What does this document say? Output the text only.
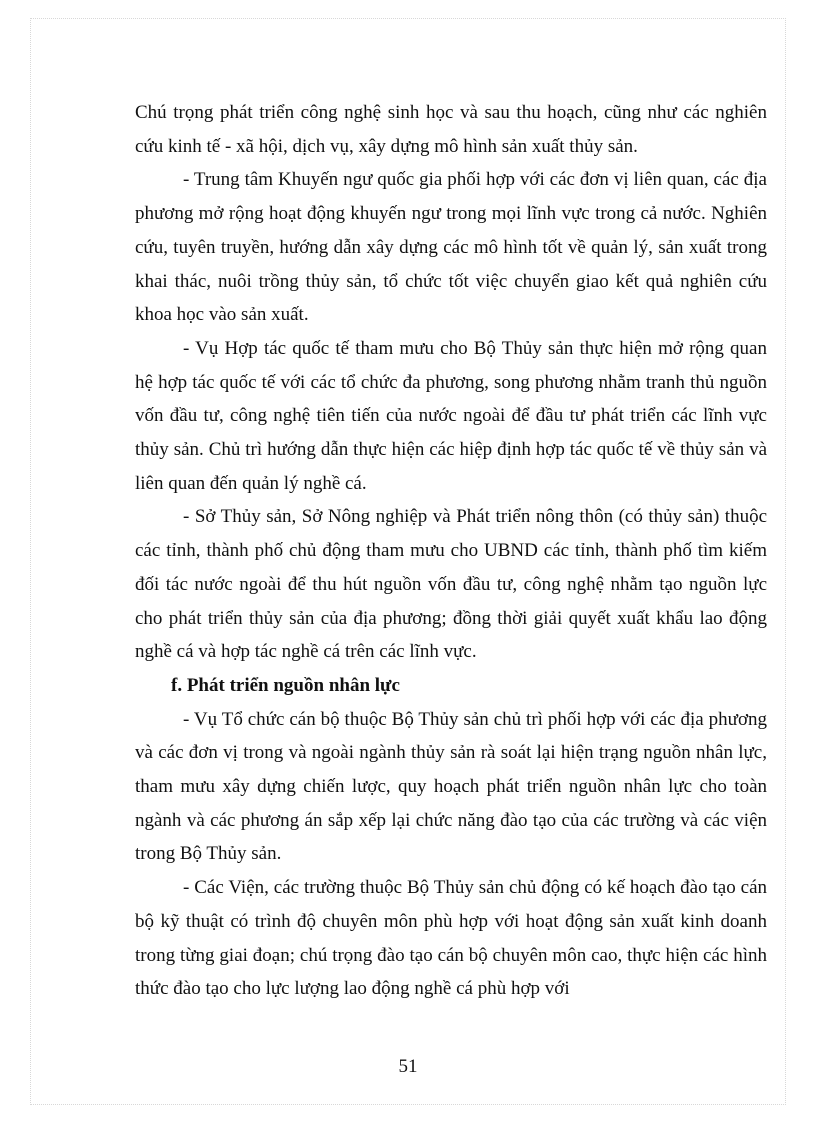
Chú trọng phát triển công nghệ sinh học và sau thu hoạch, cũng như các nghiên cứu kinh tế - xã hội, dịch vụ, xây dựng mô hình sản xuất thủy sản.

- Trung tâm Khuyến ngư quốc gia phối hợp với các đơn vị liên quan, các địa phương mở rộng hoạt động khuyến ngư trong mọi lĩnh vực trong cả nước. Nghiên cứu, tuyên truyền, hướng dẫn xây dựng các mô hình tốt về quản lý, sản xuất trong khai thác, nuôi trồng thủy sản, tổ chức tốt việc chuyển giao kết quả nghiên cứu khoa học vào sản xuất.

- Vụ Hợp tác quốc tế tham mưu cho Bộ Thủy sản thực hiện mở rộng quan hệ hợp tác quốc tế với các tổ chức đa phương, song phương nhằm tranh thủ nguồn vốn đầu tư, công nghệ tiên tiến của nước ngoài để đầu tư phát triển các lĩnh vực thủy sản. Chủ trì hướng dẫn thực hiện các hiệp định hợp tác quốc tế về thủy sản và liên quan đến quản lý nghề cá.

- Sở Thủy sản, Sở Nông nghiệp và Phát triển nông thôn (có thủy sản) thuộc các tỉnh, thành phố chủ động tham mưu cho UBND các tỉnh, thành phố tìm kiếm đối tác nước ngoài để thu hút nguồn vốn đầu tư, công nghệ nhằm tạo nguồn lực cho phát triển thủy sản của địa phương; đồng thời giải quyết xuất khẩu lao động nghề cá và hợp tác nghề cá trên các lĩnh vực.

f. Phát triển nguồn nhân lực

- Vụ Tổ chức cán bộ thuộc Bộ Thủy sản chủ trì phối hợp với các địa phương và các đơn vị trong và ngoài ngành thủy sản rà soát lại hiện trạng nguồn nhân lực, tham mưu xây dựng chiến lược, quy hoạch phát triển nguồn nhân lực cho toàn ngành và các phương án sắp xếp lại chức năng đào tạo của các trường và các viện trong Bộ Thủy sản.

- Các Viện, các trường thuộc Bộ Thủy sản chủ động có kế hoạch đào tạo cán bộ kỹ thuật có trình độ chuyên môn phù hợp với hoạt động sản xuất kinh doanh trong từng giai đoạn; chú trọng đào tạo cán bộ chuyên môn cao, thực hiện các hình thức đào tạo cho lực lượng lao động nghề cá phù hợp với

51
